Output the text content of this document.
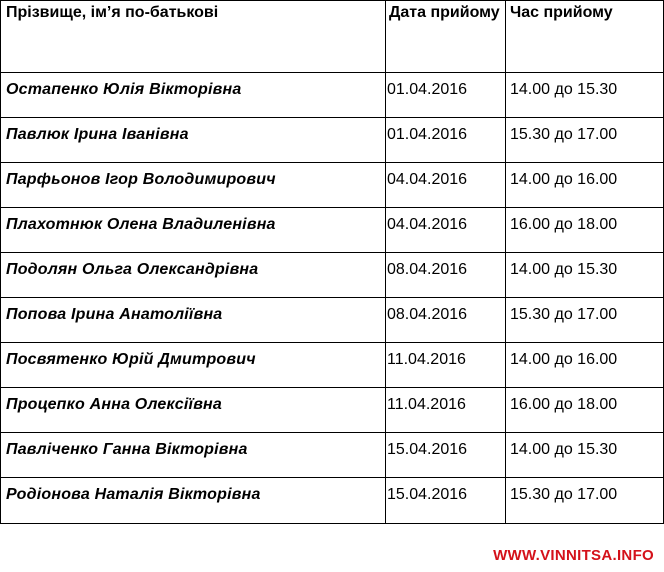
Прізвище, ім’я по-батькові	Дата прийому	Час прийому

Остапенко Юлія Вікторівна	01.04.2016	14.00 до 15.30

Павлюк Ірина Іванівна	01.04.2016	15.30 до 17.00

Парфьонов Ігор Володимирович	04.04.2016	14.00 до 16.00

Плахотнюк Олена Владиленівна	04.04.2016	16.00 до 18.00

Подолян Ольга Олександрівна	08.04.2016	14.00 до 15.30

Попова Ірина Анатоліївна	08.04.2016	15.30 до 17.00

Посвятенко Юрій Дмитрович	11.04.2016	14.00 до 16.00

Процепко Анна Олексіївна	11.04.2016	16.00 до 18.00

Павліченко Ганна Вікторівна	15.04.2016	14.00 до 15.30

Родіонова Наталія Вікторівна	15.04.2016	15.30 до 17.00
WWW.VINNITSA.INFO
